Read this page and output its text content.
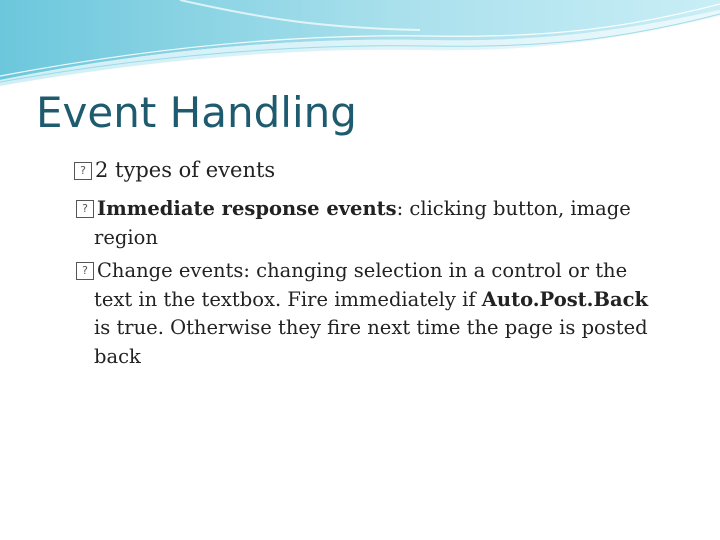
Event Handling
?2 types of events
?Immediate response events: clicking button, image
region
?Change events: changing selection in a control or the
text in the textbox. Fire immediately if Auto.Post.Back
is true. Otherwise they fire next time the page is posted
back
